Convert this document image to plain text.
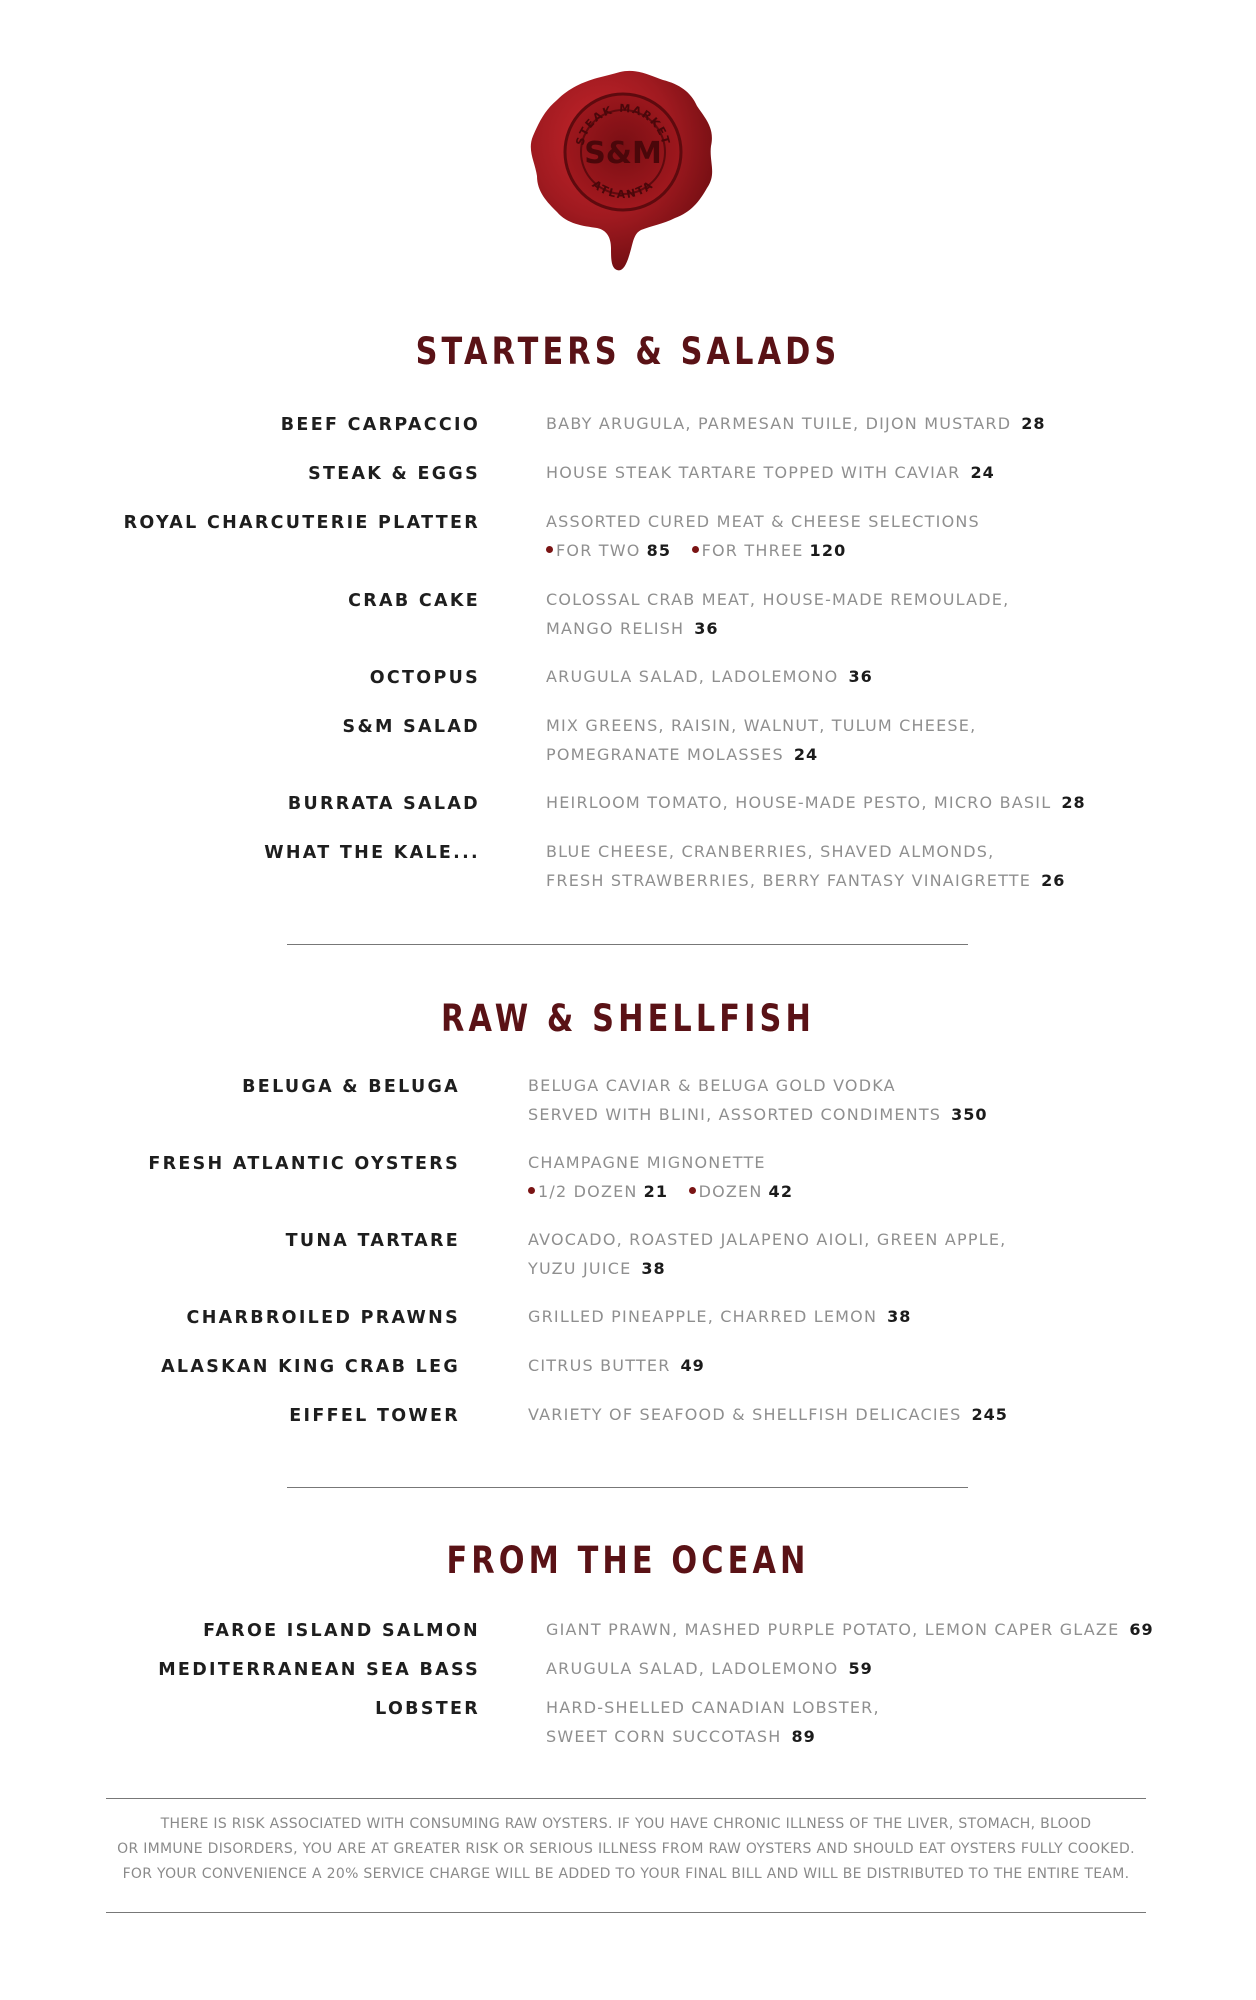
STEAK MARKET
S&M
ATLANTA
STARTERS & SALADS
BEEF CARPACCIO	BABY ARUGULA, PARMESAN TUILE, DIJON MUSTARD 28
STEAK & EGGS	HOUSE STEAK TARTARE TOPPED WITH CAVIAR 24
ROYAL CHARCUTERIE PLATTER	ASSORTED CURED MEAT & CHEESE SELECTIONS
FOR TWO 85 FOR THREE 120
CRAB CAKE	COLOSSAL CRAB MEAT, HOUSE-MADE REMOULADE,
MANGO RELISH 36
OCTOPUS	ARUGULA SALAD, LADOLEMONO 36
S&M SALAD	MIX GREENS, RAISIN, WALNUT, TULUM CHEESE,
POMEGRANATE MOLASSES 24
BURRATA SALAD	HEIRLOOM TOMATO, HOUSE-MADE PESTO, MICRO BASIL 28
WHAT THE KALE...	BLUE CHEESE, CRANBERRIES, SHAVED ALMONDS,
FRESH STRAWBERRIES, BERRY FANTASY VINAIGRETTE 26
RAW & SHELLFISH
BELUGA & BELUGA	BELUGA CAVIAR & BELUGA GOLD VODKA
SERVED WITH BLINI, ASSORTED CONDIMENTS 350
FRESH ATLANTIC OYSTERS	CHAMPAGNE MIGNONETTE
1/2 DOZEN 21 DOZEN 42
TUNA TARTARE	AVOCADO, ROASTED JALAPENO AIOLI, GREEN APPLE,
YUZU JUICE 38
CHARBROILED PRAWNS	GRILLED PINEAPPLE, CHARRED LEMON 38
ALASKAN KING CRAB LEG	CITRUS BUTTER 49
EIFFEL TOWER	VARIETY OF SEAFOOD & SHELLFISH DELICACIES 245
FROM THE OCEAN
FAROE ISLAND SALMON	GIANT PRAWN, MASHED PURPLE POTATO, LEMON CAPER GLAZE 69
MEDITERRANEAN SEA BASS	ARUGULA SALAD, LADOLEMONO 59
LOBSTER	HARD-SHELLED CANADIAN LOBSTER,
SWEET CORN SUCCOTASH 89
THERE IS RISK ASSOCIATED WITH CONSUMING RAW OYSTERS. IF YOU HAVE CHRONIC ILLNESS OF THE LIVER, STOMACH, BLOOD
OR IMMUNE DISORDERS, YOU ARE AT GREATER RISK OR SERIOUS ILLNESS FROM RAW OYSTERS AND SHOULD EAT OYSTERS FULLY COOKED.
FOR YOUR CONVENIENCE A 20% SERVICE CHARGE WILL BE ADDED TO YOUR FINAL BILL AND WILL BE DISTRIBUTED TO THE ENTIRE TEAM.
